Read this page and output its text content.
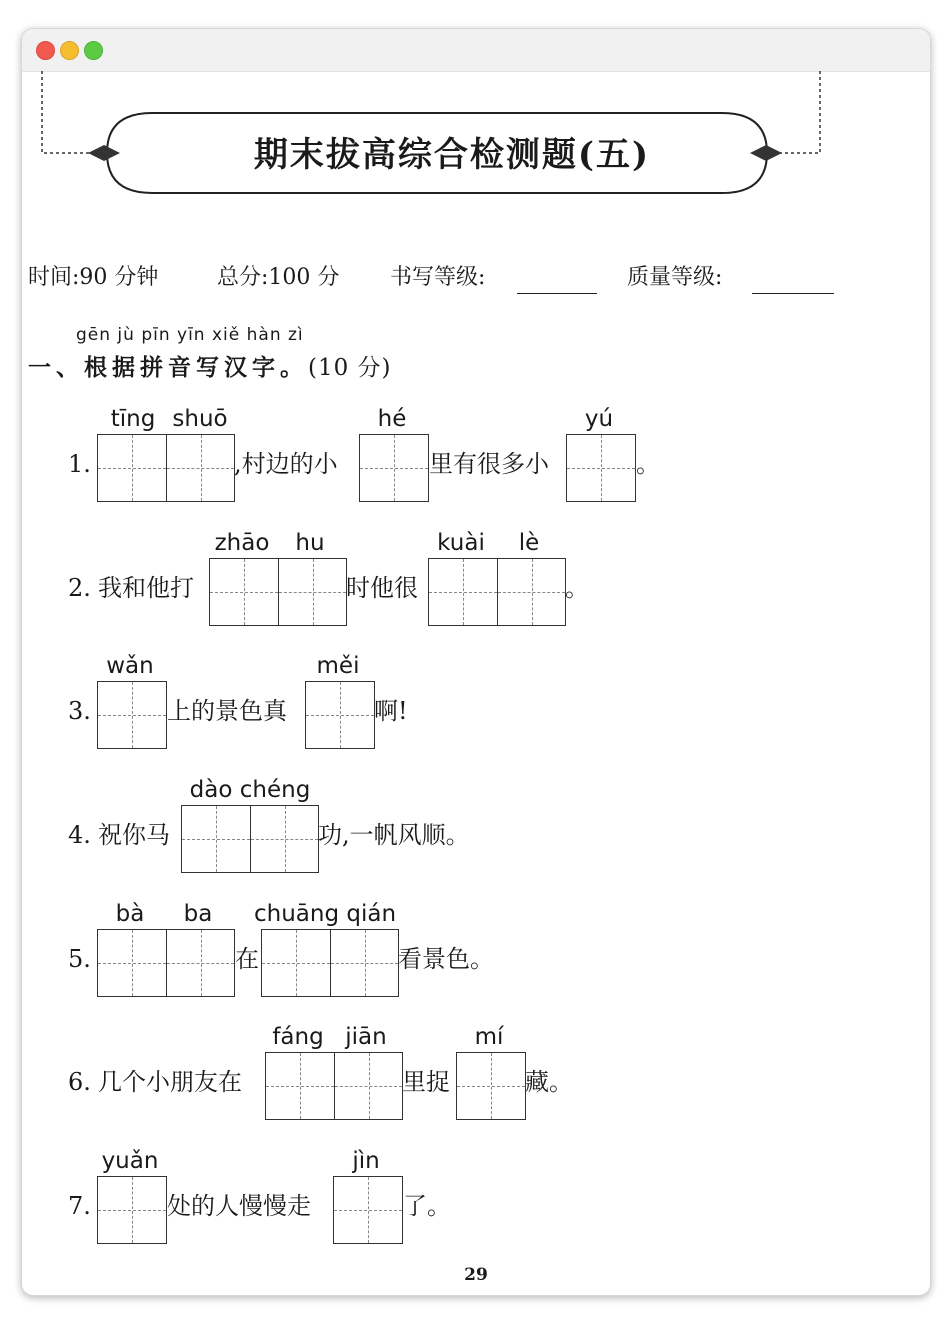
期末拔高综合检测题(五)
时间:90 分钟	总分:100 分 书写等级:	质量等级:
gēn jù pīn yīn xiě hàn zì
一、根据拼音写汉字。(10 分)
1.
tīng shuō
,村边的小
hé
里有很多小
yú
。
2. 我和他打
zhāo	hu
时他很
kuài	lè
。
3.
wǎn
上的景色真
měi
啊!
4. 祝你马
dào chéng
功,一帆风顺。
5.
bà	ba
在
chuāng qián
看景色。
6. 几个小朋友在
fáng jiān
里捉
mí
藏。
7.
yuǎn
处的人慢慢走
jìn
了。
29
